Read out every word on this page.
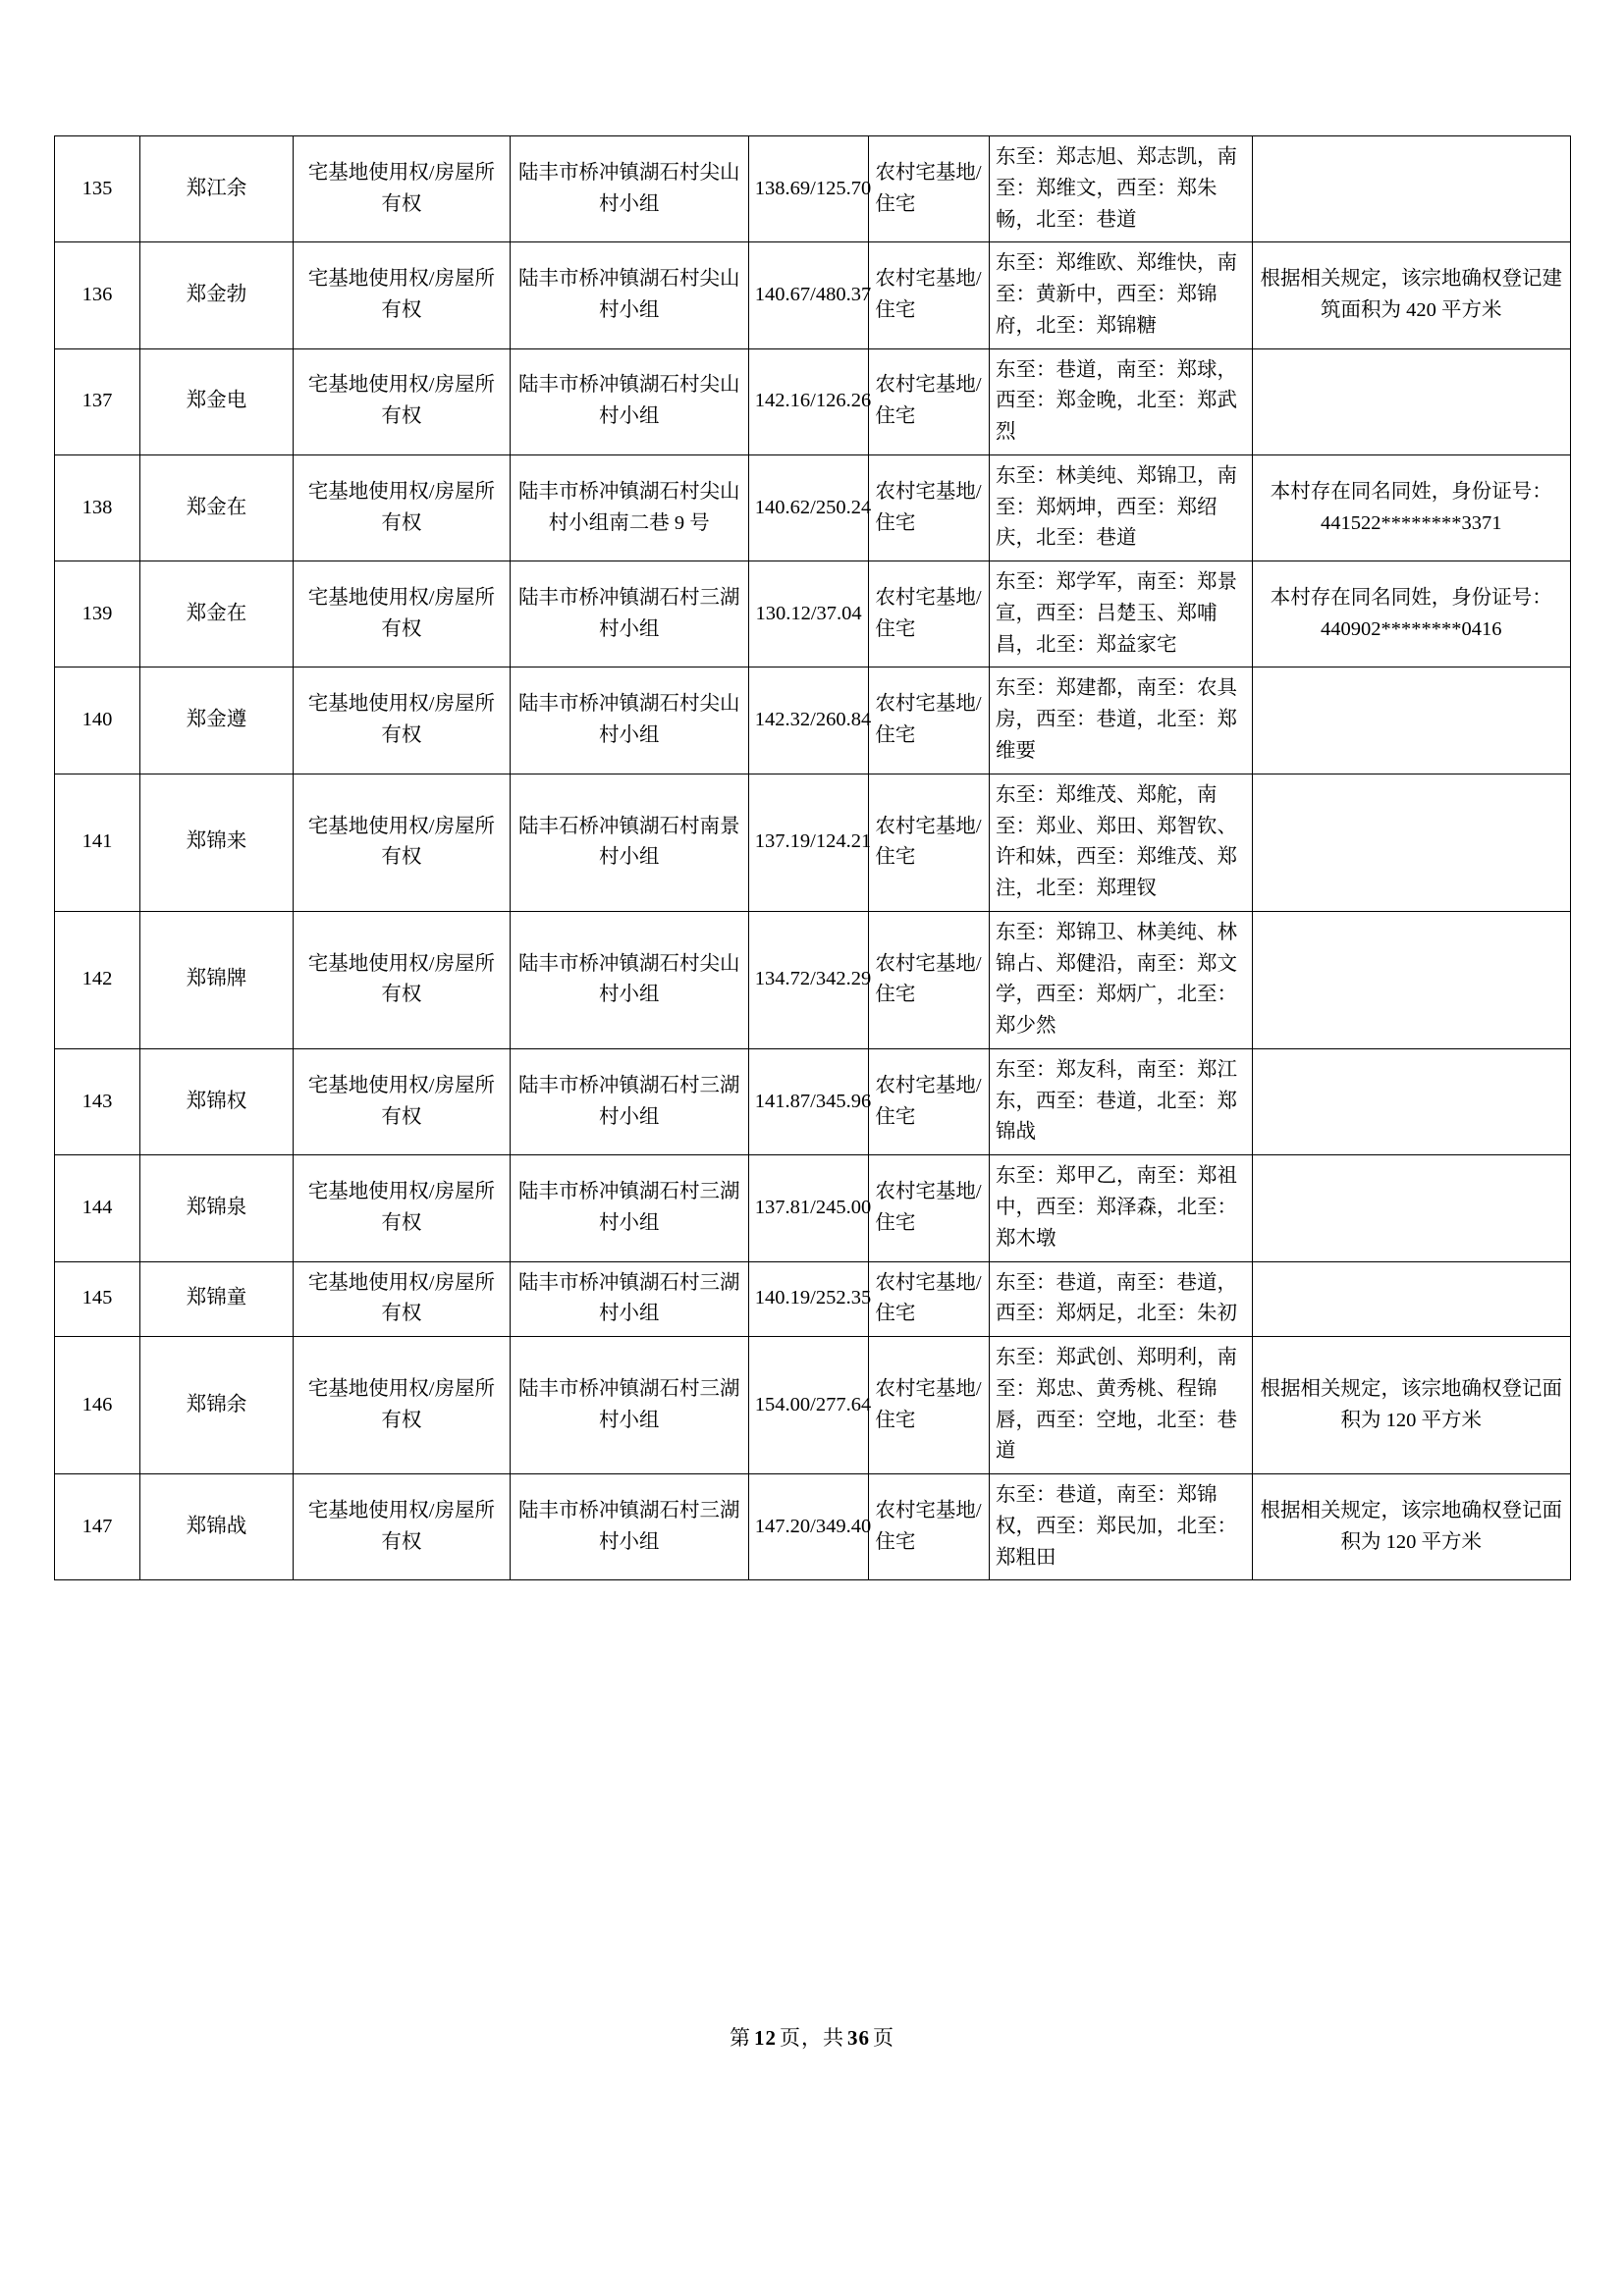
135	郑江余	宅基地使用权/房屋所有权	陆丰市桥冲镇湖石村尖山村小组	138.69/125.70	农村宅基地/住宅	东至：郑志旭、郑志凯，南至：郑维文，西至：郑朱畅，北至：巷道	
136	郑金勃	宅基地使用权/房屋所有权	陆丰市桥冲镇湖石村尖山村小组	140.67/480.37	农村宅基地/住宅	东至：郑维欧、郑维快，南至：黄新中，西至：郑锦府，北至：郑锦糖	根据相关规定，该宗地确权登记建筑面积为 420 平方米
137	郑金电	宅基地使用权/房屋所有权	陆丰市桥冲镇湖石村尖山村小组	142.16/126.26	农村宅基地/住宅	东至：巷道，南至：郑球，西至：郑金晚，北至：郑武烈	
138	郑金在	宅基地使用权/房屋所有权	陆丰市桥冲镇湖石村尖山村小组南二巷 9 号	140.62/250.24	农村宅基地/住宅	东至：林美纯、郑锦卫，南至：郑炳坤，西至：郑绍庆，北至：巷道	本村存在同名同姓，身份证号：441522********3371
139	郑金在	宅基地使用权/房屋所有权	陆丰市桥冲镇湖石村三湖村小组	130.12/37.04	农村宅基地/住宅	东至：郑学军，南至：郑景宣，西至：吕楚玉、郑哺昌，北至：郑益家宅	本村存在同名同姓，身份证号：440902********0416
140	郑金遵	宅基地使用权/房屋所有权	陆丰市桥冲镇湖石村尖山村小组	142.32/260.84	农村宅基地/住宅	东至：郑建都，南至：农具房，西至：巷道，北至：郑维要	
141	郑锦来	宅基地使用权/房屋所有权	陆丰石桥冲镇湖石村南景村小组	137.19/124.21	农村宅基地/住宅	东至：郑维茂、郑舵，南至：郑业、郑田、郑智钦、许和妹，西至：郑维茂、郑注，北至：郑理钗	
142	郑锦牌	宅基地使用权/房屋所有权	陆丰市桥冲镇湖石村尖山村小组	134.72/342.29	农村宅基地/住宅	东至：郑锦卫、林美纯、林锦占、郑健沿，南至：郑文学，西至：郑炳广，北至：郑少然	
143	郑锦权	宅基地使用权/房屋所有权	陆丰市桥冲镇湖石村三湖村小组	141.87/345.96	农村宅基地/住宅	东至：郑友科，南至：郑江东，西至：巷道，北至：郑锦战	
144	郑锦泉	宅基地使用权/房屋所有权	陆丰市桥冲镇湖石村三湖村小组	137.81/245.00	农村宅基地/住宅	东至：郑甲乙，南至：郑祖中，西至：郑泽森，北至：郑木墩	
145	郑锦童	宅基地使用权/房屋所有权	陆丰市桥冲镇湖石村三湖村小组	140.19/252.35	农村宅基地/住宅	东至：巷道，南至：巷道，西至：郑炳足，北至：朱初	
146	郑锦余	宅基地使用权/房屋所有权	陆丰市桥冲镇湖石村三湖村小组	154.00/277.64	农村宅基地/住宅	东至：郑武创、郑明利，南至：郑忠、黄秀桃、程锦唇，西至：空地，北至：巷道	根据相关规定，该宗地确权登记面积为 120 平方米
147	郑锦战	宅基地使用权/房屋所有权	陆丰市桥冲镇湖石村三湖村小组	147.20/349.40	农村宅基地/住宅	东至：巷道，南至：郑锦权，西至：郑民加，北至：郑粗田	根据相关规定，该宗地确权登记面积为 120 平方米
第 12 页，共 36 页
